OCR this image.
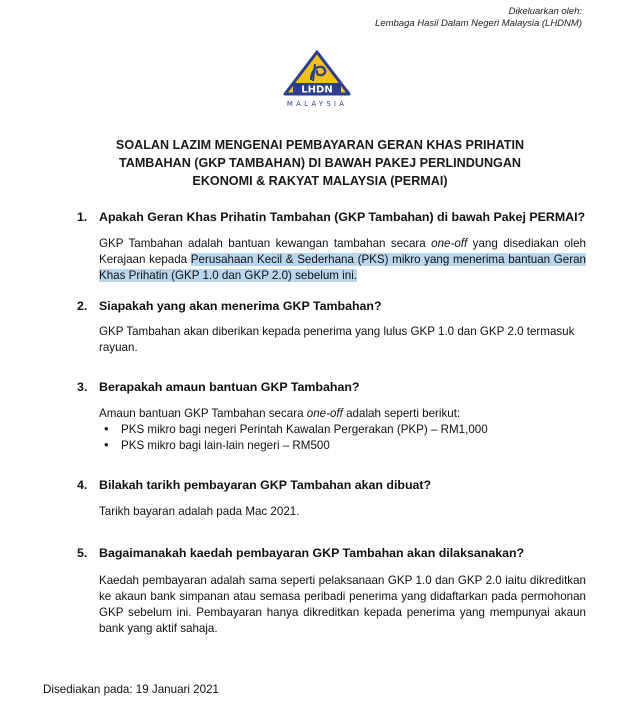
Dikeluarkan oleh:
Lembaga Hasil Dalam Negeri Malaysia (LHDNM)
LHDN
MALAYSIA
SOALAN LAZIM MENGENAI PEMBAYARAN GERAN KHAS PRIHATIN
TAMBAHAN (GKP TAMBAHAN) DI BAWAH PAKEJ PERLINDUNGAN
EKONOMI & RAKYAT MALAYSIA (PERMAI)
1. Apakah Geran Khas Prihatin Tambahan (GKP Tambahan) di bawah Pakej PERMAI?
GKP Tambahan adalah bantuan kewangan tambahan secara one-off yang disediakan oleh Kerajaan kepada Perusahaan Kecil & Sederhana (PKS) mikro yang menerima bantuan Geran Khas Prihatin (GKP 1.0 dan GKP 2.0) sebelum ini.
2. Siapakah yang akan menerima GKP Tambahan?
GKP Tambahan akan diberikan kepada penerima yang lulus GKP 1.0 dan GKP 2.0 termasuk rayuan.
3. Berapakah amaun bantuan GKP Tambahan?
Amaun bantuan GKP Tambahan secara one-off adalah seperti berikut:
• PKS mikro bagi negeri Perintah Kawalan Pergerakan (PKP) – RM1,000
• PKS mikro bagi lain-lain negeri – RM500
4. Bilakah tarikh pembayaran GKP Tambahan akan dibuat?
Tarikh bayaran adalah pada Mac 2021.
5. Bagaimanakah kaedah pembayaran GKP Tambahan akan dilaksanakan?
Kaedah pembayaran adalah sama seperti pelaksanaan GKP 1.0 dan GKP 2.0 iaitu dikreditkan ke akaun bank simpanan atau semasa peribadi penerima yang didaftarkan pada permohonan GKP sebelum ini. Pembayaran hanya dikreditkan kepada penerima yang mempunyai akaun bank yang aktif sahaja.
Disediakan pada: 19 Januari 2021
